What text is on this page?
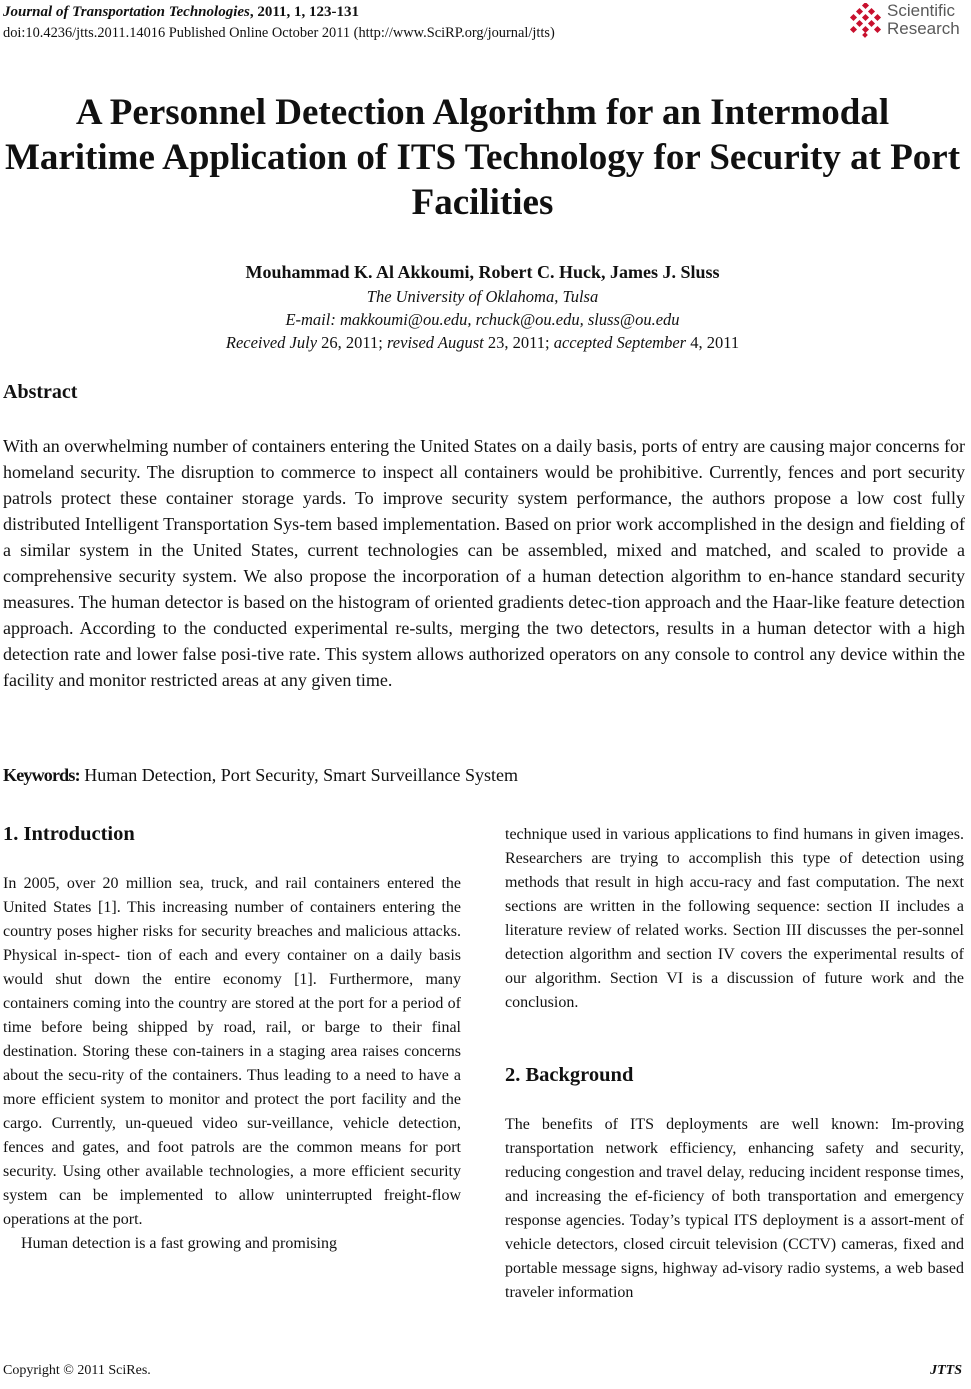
Journal of Transportation Technologies, 2011, 1, 123-131
doi:10.4236/jtts.2011.14016 Published Online October 2011 (http://www.SciRP.org/journal/jtts)
Scientific
Research
A Personnel Detection Algorithm for an Intermodal Maritime Application of ITS Technology for Security at Port Facilities
Mouhammad K. Al Akkoumi, Robert C. Huck, James J. Sluss
The University of Oklahoma, Tulsa
E-mail: makkoumi@ou.edu, rchuck@ou.edu, sluss@ou.edu
Received July 26, 2011; revised August 23, 2011; accepted September 4, 2011
Abstract
With an overwhelming number of containers entering the United States on a daily basis, ports of entry are causing major concerns for homeland security. The disruption to commerce to inspect all containers would be prohibitive. Currently, fences and port security patrols protect these container storage yards. To improve security system performance, the authors propose a low cost fully distributed Intelligent Transportation Sys-tem based implementation. Based on prior work accomplished in the design and fielding of a similar system in the United States, current technologies can be assembled, mixed and matched, and scaled to provide a comprehensive security system. We also propose the incorporation of a human detection algorithm to en-hance standard security measures. The human detector is based on the histogram of oriented gradients detec-tion approach and the Haar-like feature detection approach. According to the conducted experimental re-sults, merging the two detectors, results in a human detector with a high detection rate and lower false posi-tive rate. This system allows authorized operators on any console to control any device within the facility and monitor restricted areas at any given time.
Keywords: Human Detection, Port Security, Smart Surveillance System
1. Introduction

In 2005, over 20 million sea, truck, and rail containers entered the United States [1]. This increasing number of containers entering the country poses higher risks for security breaches and malicious attacks. Physical in-spect- tion of each and every container on a daily basis would shut down the entire economy [1]. Furthermore, many containers coming into the country are stored at the port for a period of time before being shipped by road, rail, or barge to their final destination. Storing these con-tainers in a staging area raises concerns about the secu-rity of the containers. Thus leading to a need to have a more efficient system to monitor and protect the port facility and the cargo. Currently, un-queued video sur-veillance, vehicle detection, fences and gates, and foot patrols are the common means for port security. Using other available technologies, a more efficient security system can be implemented to allow uninterrupted freight-flow operations at the port.

Human detection is a fast growing and promising

technique used in various applications to find humans in given images. Researchers are trying to accomplish this type of detection using methods that result in high accu-racy and fast computation. The next sections are written in the following sequence: section II includes a literature review of related works. Section III discusses the per-sonnel detection algorithm and section IV covers the experimental results of our algorithm. Section VI is a discussion of future work and the conclusion.

2. Background

The benefits of ITS deployments are well known: Im-proving transportation network efficiency, enhancing safety and security, reducing congestion and travel delay, reducing incident response times, and increasing the ef-ficiency of both transportation and emergency response agencies. Today’s typical ITS deployment is a assort-ment of vehicle detectors, closed circuit television (CCTV) cameras, fixed and portable message signs, highway ad-visory radio systems, a web based traveler information

Copyright © 2011 SciRes.	JTTS
